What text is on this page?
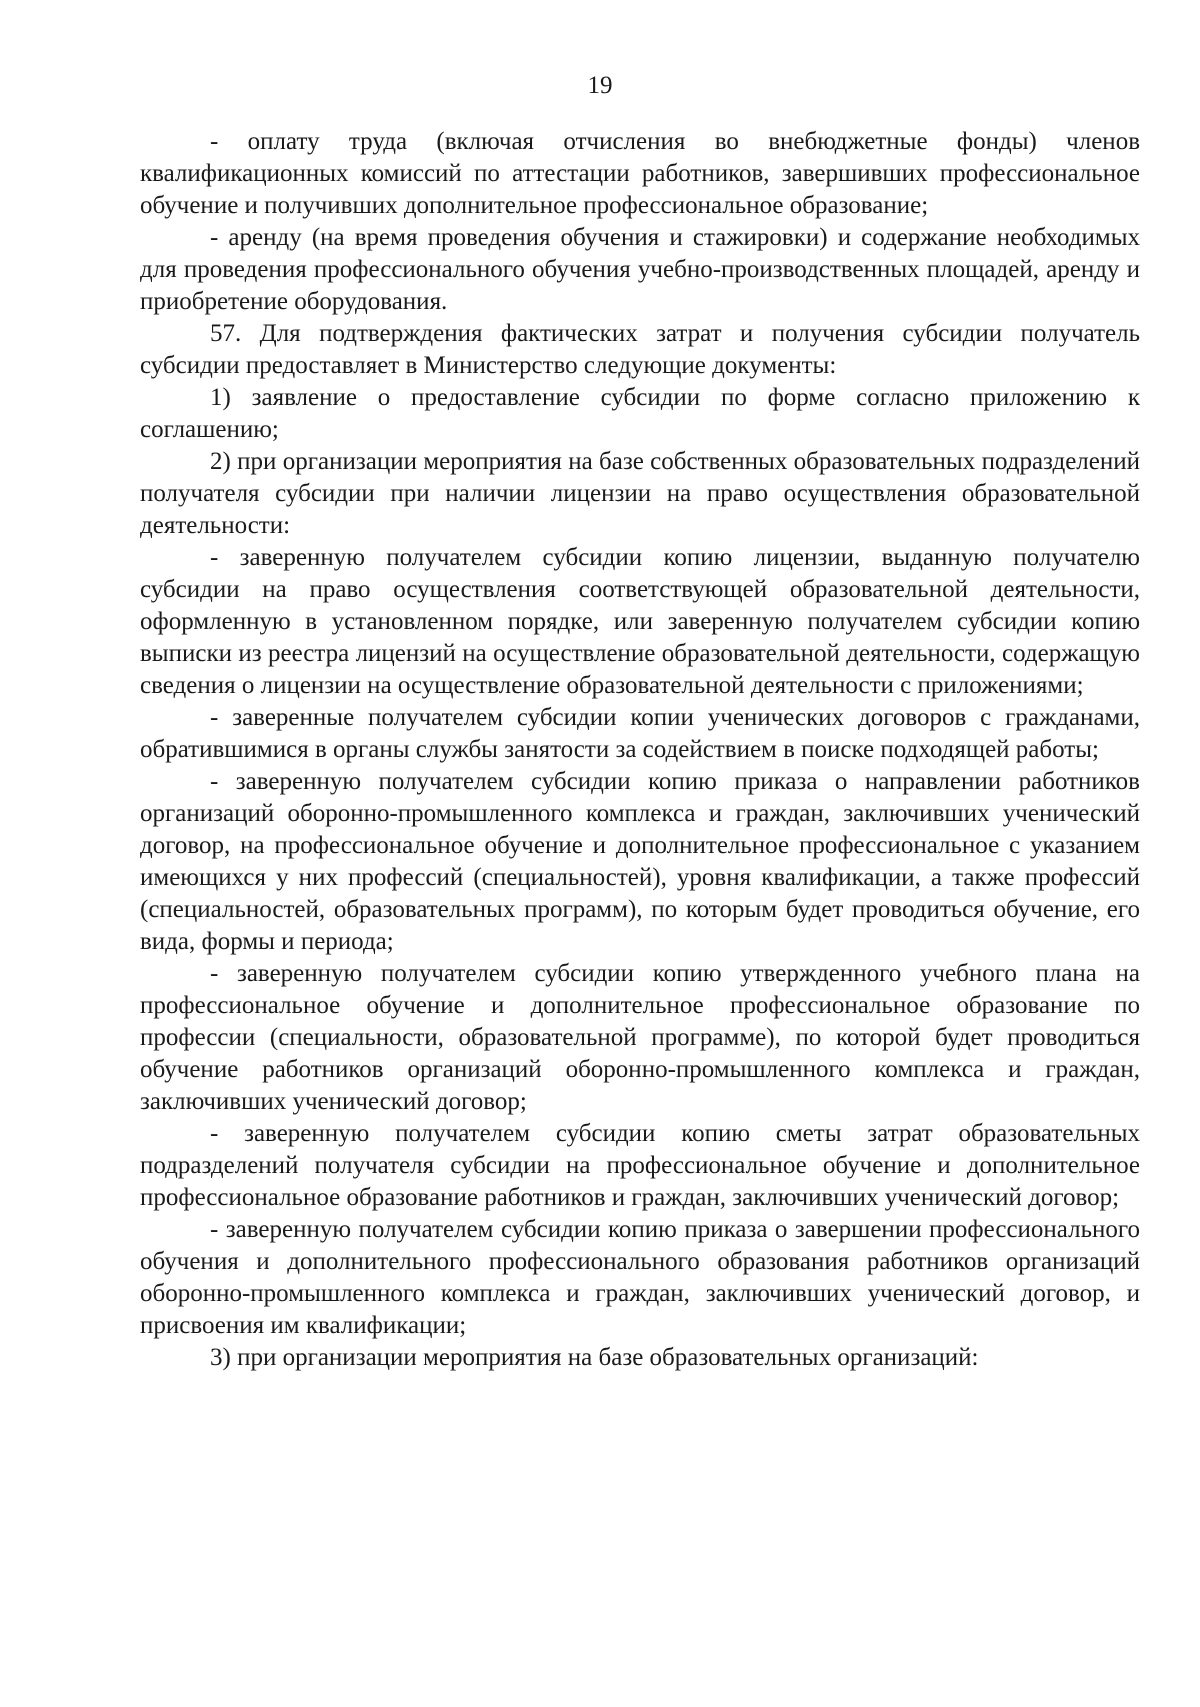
19

- оплату труда (включая отчисления во внебюджетные фонды) членов квалификационных комиссий по аттестации работников, завершивших профессиональное обучение и получивших дополнительное профессиональное образование;

- аренду (на время проведения обучения и стажировки) и содержание необходимых для проведения профессионального обучения учебно-производственных площадей, аренду и приобретение оборудования.

57. Для подтверждения фактических затрат и получения субсидии получатель субсидии предоставляет в Министерство следующие документы:

1) заявление о предоставление субсидии по форме согласно приложению к соглашению;

2) при организации мероприятия на базе собственных образовательных подразделений получателя субсидии при наличии лицензии на право осуществления образовательной деятельности:

- заверенную получателем субсидии копию лицензии, выданную получателю субсидии на право осуществления соответствующей образовательной деятельности, оформленную в установленном порядке, или заверенную получателем субсидии копию выписки из реестра лицензий на осуществление образовательной деятельности, содержащую сведения о лицензии на осуществление образовательной деятельности с приложениями;

- заверенные получателем субсидии копии ученических договоров с гражданами, обратившимися в органы службы занятости за содействием в поиске подходящей работы;

- заверенную получателем субсидии копию приказа о направлении работников организаций оборонно-промышленного комплекса и граждан, заключивших ученический договор, на профессиональное обучение и дополнительное профессиональное с указанием имеющихся у них профессий (специальностей), уровня квалификации, а также профессий (специальностей, образовательных программ), по которым будет проводиться обучение, его вида, формы и периода;

- заверенную получателем субсидии копию утвержденного учебного плана на профессиональное обучение и дополнительное профессиональное образование по профессии (специальности, образовательной программе), по которой будет проводиться обучение работников организаций оборонно-промышленного комплекса и граждан, заключивших ученический договор;

- заверенную получателем субсидии копию сметы затрат образовательных подразделений получателя субсидии на профессиональное обучение и дополнительное профессиональное образование работников и граждан, заключивших ученический договор;

- заверенную получателем субсидии копию приказа о завершении профессионального обучения и дополнительного профессионального образования работников организаций оборонно-промышленного комплекса и граждан, заключивших ученический договор, и присвоения им квалификации;

3) при организации мероприятия на базе образовательных организаций:
